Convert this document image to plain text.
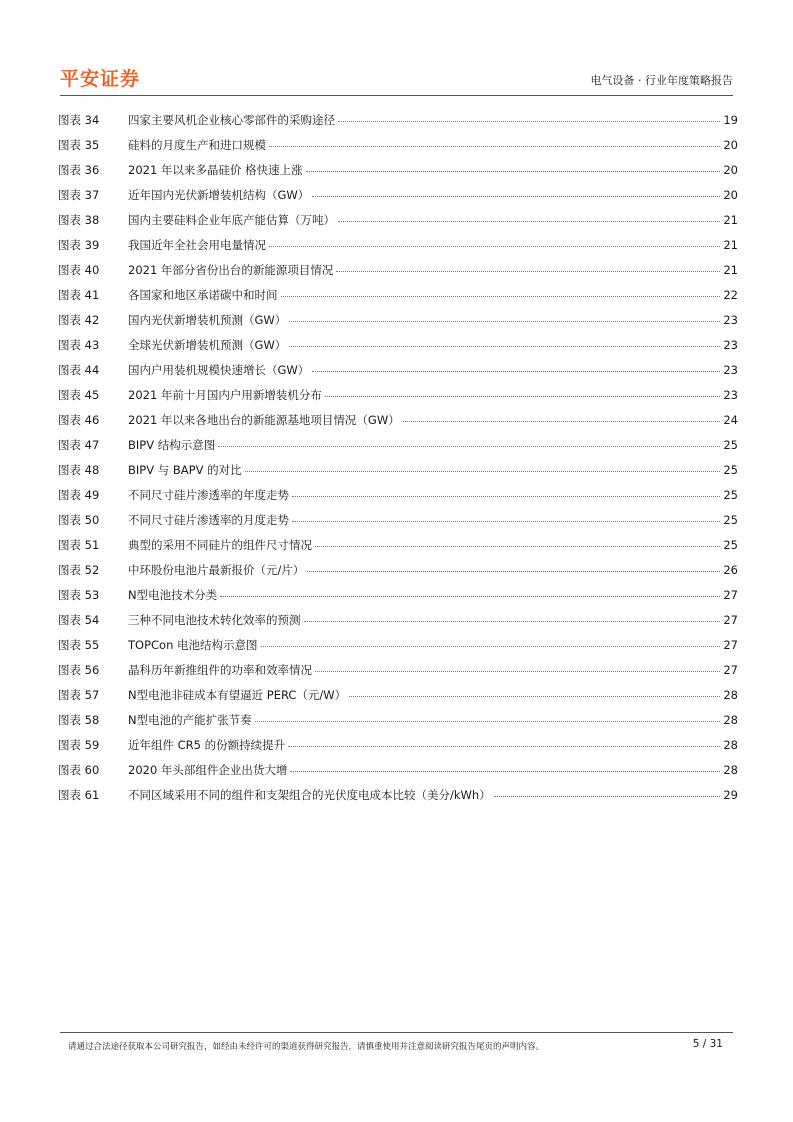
平安证券	电气设备 · 行业年度策略报告
图表 34	四家主要风机企业核心零部件的采购途径	19
图表 35	硅料的月度生产和进口规模	20
图表 36	2021 年以来多晶硅价 格快速上涨	20
图表 37	近年国内光伏新增装机结构（GW）	20
图表 38	国内主要硅料企业年底产能估算（万吨）	21
图表 39	我国近年全社会用电量情况	21
图表 40	2021 年部分省份出台的新能源项目情况	21
图表 41	各国家和地区承诺碳中和时间	22
图表 42	国内光伏新增装机预测（GW）	23
图表 43	全球光伏新增装机预测（GW）	23
图表 44	国内户用装机规模快速增长（GW）	23
图表 45	2021 年前十月国内户用新增装机分布	23
图表 46	2021 年以来各地出台的新能源基地项目情况（GW）	24
图表 47	BIPV 结构示意图	25
图表 48	BIPV 与 BAPV 的对比	25
图表 49	不同尺寸硅片渗透率的年度走势	25
图表 50	不同尺寸硅片渗透率的月度走势	25
图表 51	典型的采用不同硅片的组件尺寸情况	25
图表 52	中环股份电池片最新报价（元/片）	26
图表 53	N型电池技术分类	27
图表 54	三种不同电池技术转化效率的预测	27
图表 55	TOPCon 电池结构示意图	27
图表 56	晶科历年新推组件的功率和效率情况	27
图表 57	N型电池非硅成本有望逼近 PERC（元/W）	28
图表 58	N型电池的产能扩张节奏	28
图表 59	近年组件 CR5 的份额持续提升	28
图表 60	2020 年头部组件企业出货大增	28
图表 61	不同区域采用不同的组件和支架组合的光伏度电成本比较（美分/kWh）	29
请通过合法途径获取本公司研究报告，如经由未经许可的渠道获得研究报告，请慎重使用并注意阅读研究报告尾页的声明内容。	5 / 31
